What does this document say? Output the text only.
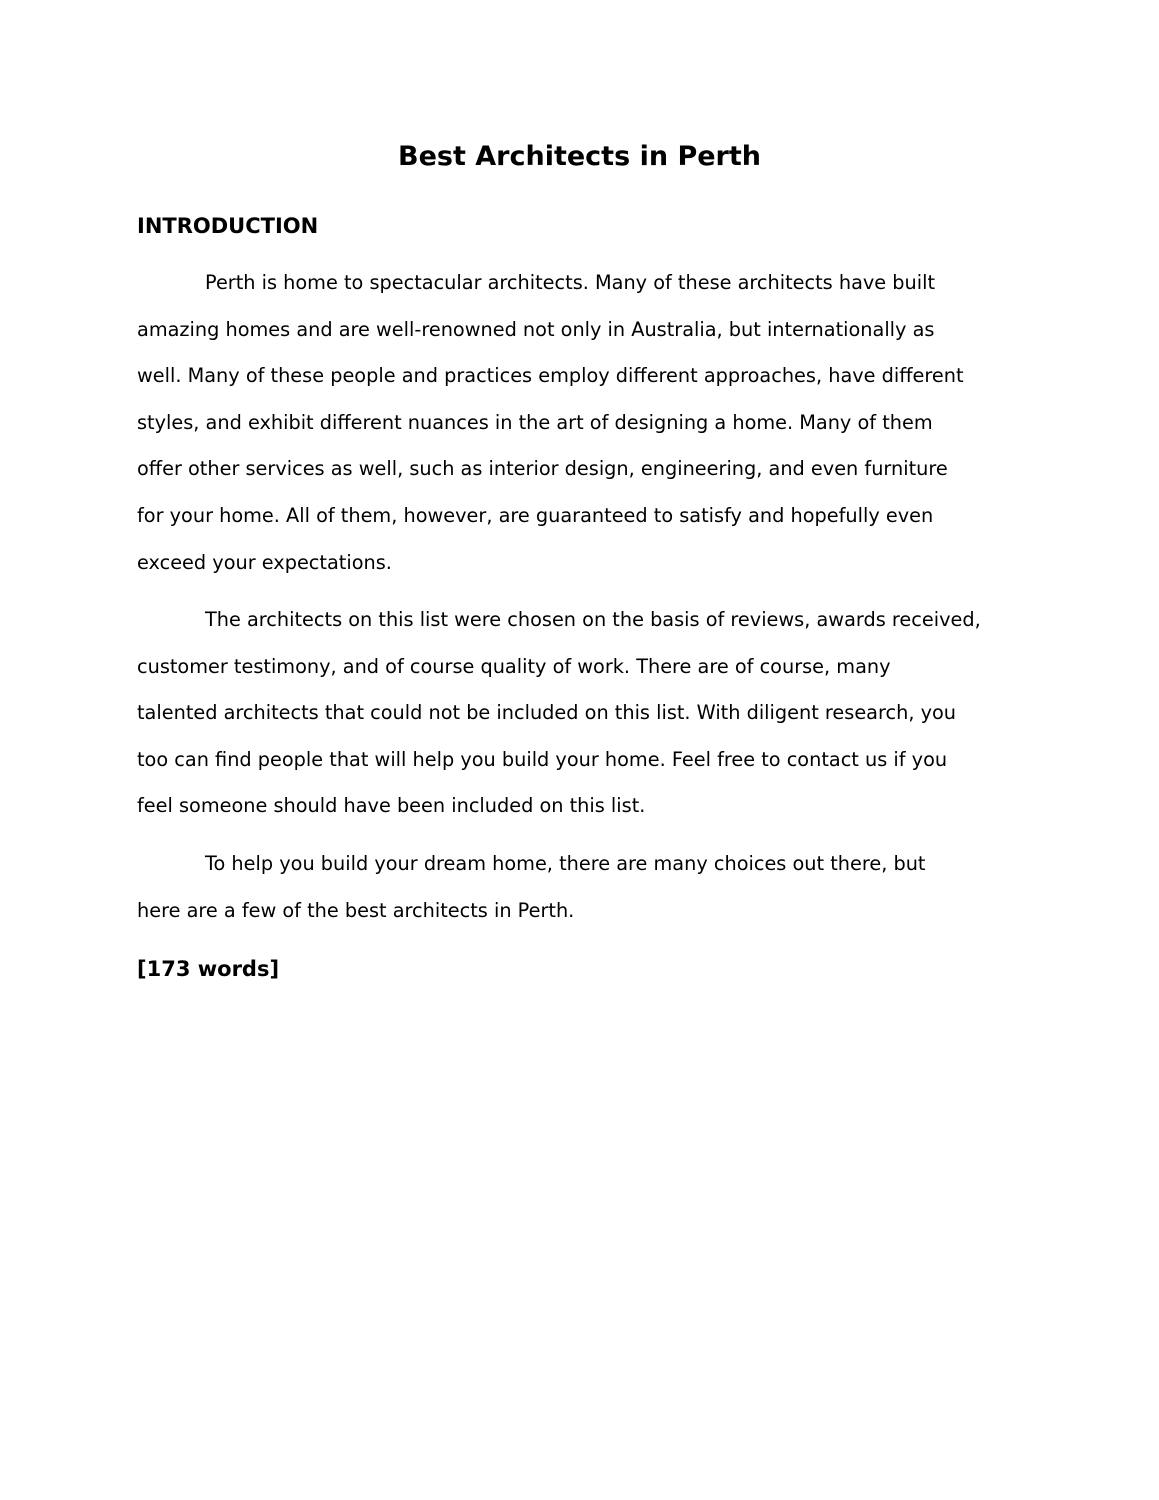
Best Architects in Perth
INTRODUCTION
Perth is home to spectacular architects. Many of these architects have built
amazing homes and are well-renowned not only in Australia, but internationally as
well. Many of these people and practices employ different approaches, have different
styles, and exhibit different nuances in the art of designing a home. Many of them
offer other services as well, such as interior design, engineering, and even furniture
for your home. All of them, however, are guaranteed to satisfy and hopefully even
exceed your expectations.
The architects on this list were chosen on the basis of reviews, awards received,
customer testimony, and of course quality of work. There are of course, many
talented architects that could not be included on this list. With diligent research, you
too can find people that will help you build your home. Feel free to contact us if you
feel someone should have been included on this list.
To help you build your dream home, there are many choices out there, but
here are a few of the best architects in Perth.

[173 words]
